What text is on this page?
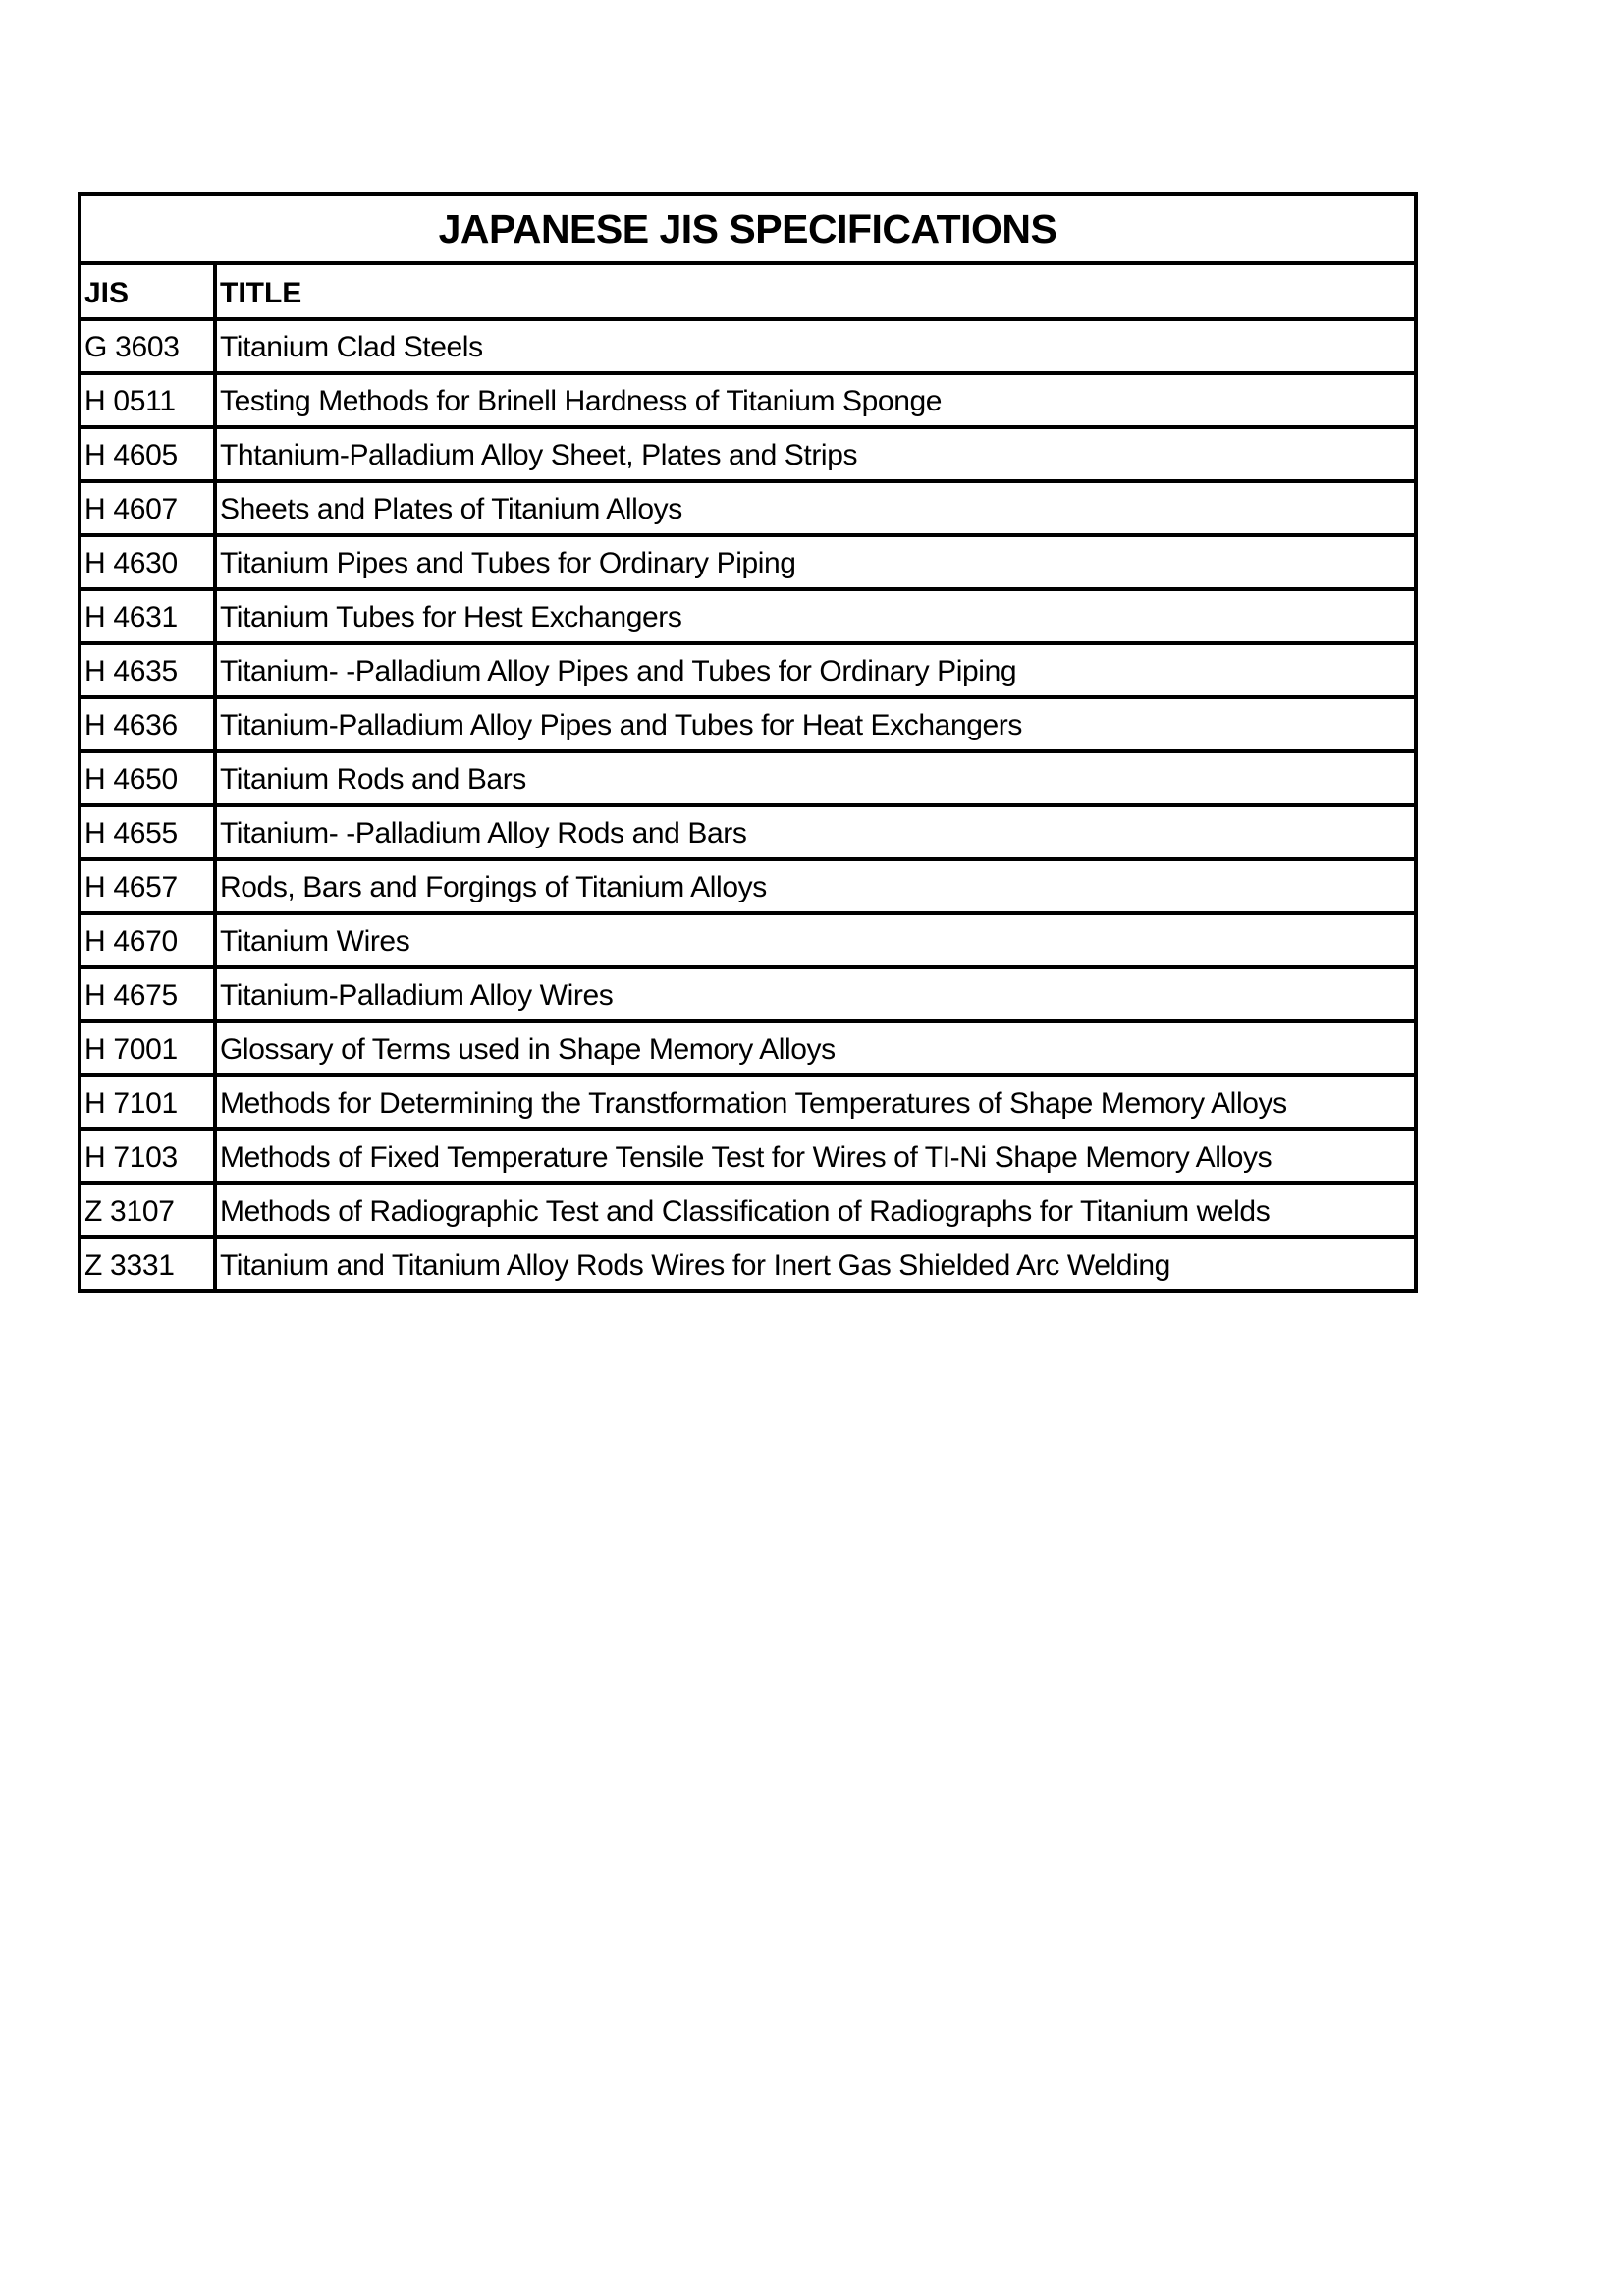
JAPANESE JIS SPECIFICATIONS	
JIS	TITLE
G 3603	Titanium Clad Steels
H 0511	Testing Methods for Brinell Hardness of Titanium Sponge
H 4605	Thtanium-Palladium Alloy Sheet, Plates and Strips
H 4607	Sheets and Plates of Titanium Alloys
H 4630	Titanium Pipes and Tubes for Ordinary Piping
H 4631	Titanium Tubes for Hest Exchangers
H 4635	Titanium- -Palladium Alloy Pipes and Tubes for Ordinary Piping
H 4636	Titanium-Palladium Alloy Pipes and Tubes for Heat Exchangers
H 4650	Titanium Rods and Bars
H 4655	Titanium- -Palladium Alloy Rods and Bars
H 4657	Rods, Bars and Forgings of Titanium Alloys
H 4670	Titanium Wires
H 4675	Titanium-Palladium Alloy Wires
H 7001	Glossary of Terms used in Shape Memory Alloys
H 7101	Methods for Determining the Transtformation Temperatures of Shape Memory Alloys
H 7103	Methods of Fixed Temperature Tensile Test for Wires of TI-Ni Shape Memory Alloys
Z 3107	Methods of Radiographic Test and Classification of Radiographs for Titanium welds
Z 3331	Titanium and Titanium Alloy Rods Wires for Inert Gas Shielded Arc Welding
